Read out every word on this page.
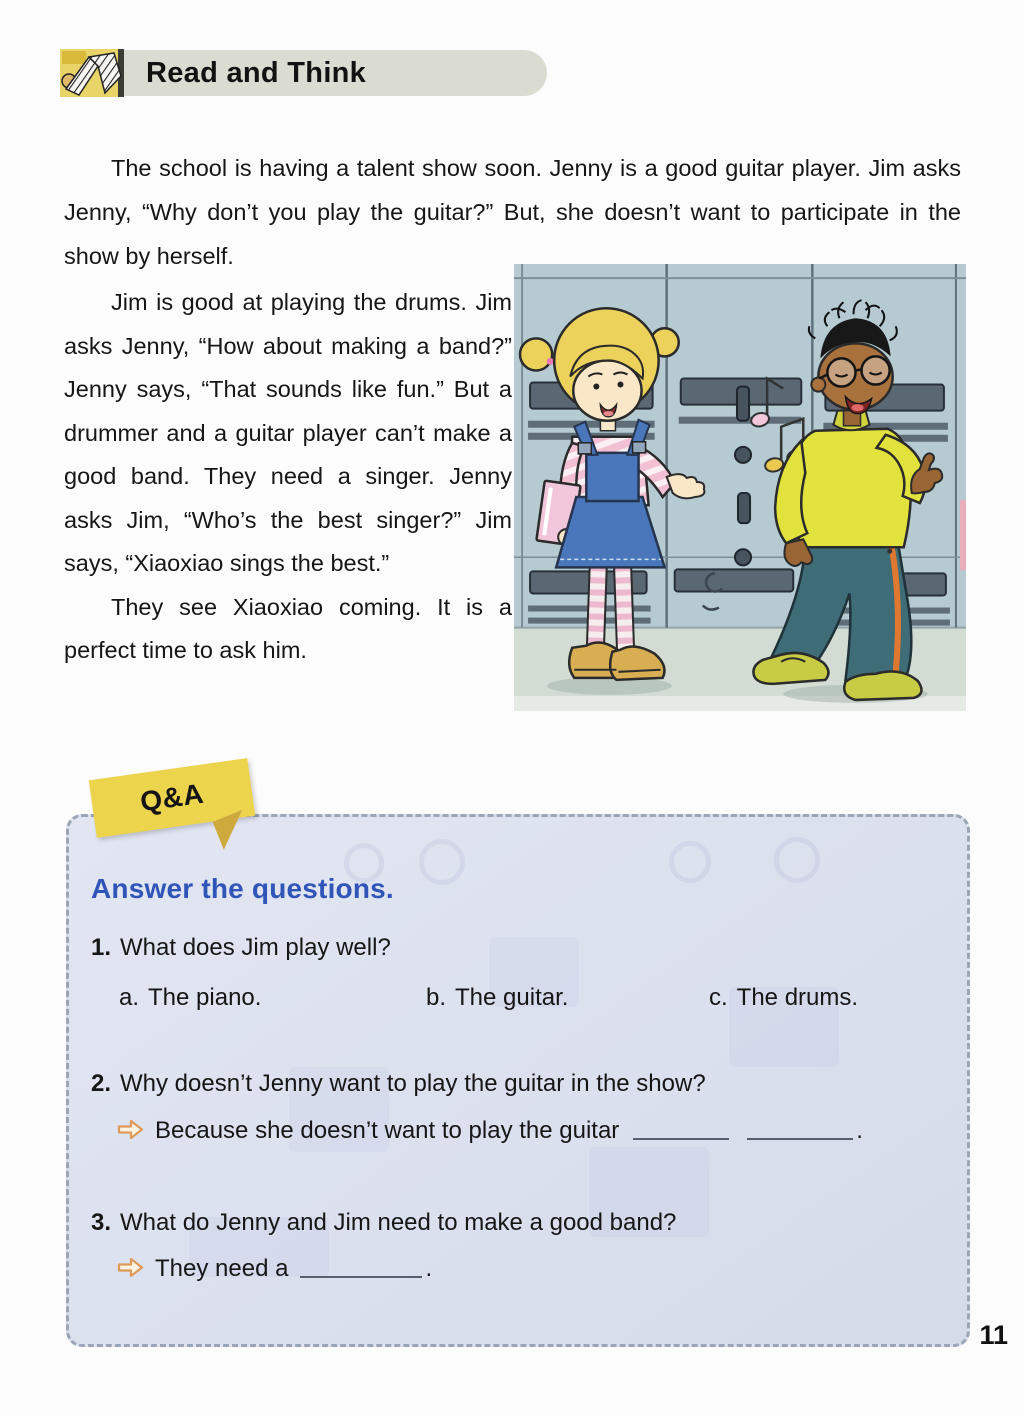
Read and Think

The school is having a talent show soon. Jenny is a good guitar player. Jim asks Jenny, “Why don’t you play the guitar?” But, she doesn’t want to participate in the show by herself.

Jim is good at playing the drums. Jim asks Jenny, “How about making a band?” Jenny says, “That sounds like fun.” But a drummer and a guitar player can’t make a good band. They need a singer. Jenny asks Jim, “Who’s the best singer?” Jim says, “Xiaoxiao sings the best.”

They see Xiaoxiao coming. It is a perfect time to ask him.

Q&A
Answer the questions.
1. What does Jim play well?
a. The piano.	b. The guitar.	c. The drums.
2. Why doesn’t Jenny want to play the guitar in the show?
Because she doesn’t want to play the guitar	.
3. What do Jenny and Jim need to make a good band?
They need a	.
11
